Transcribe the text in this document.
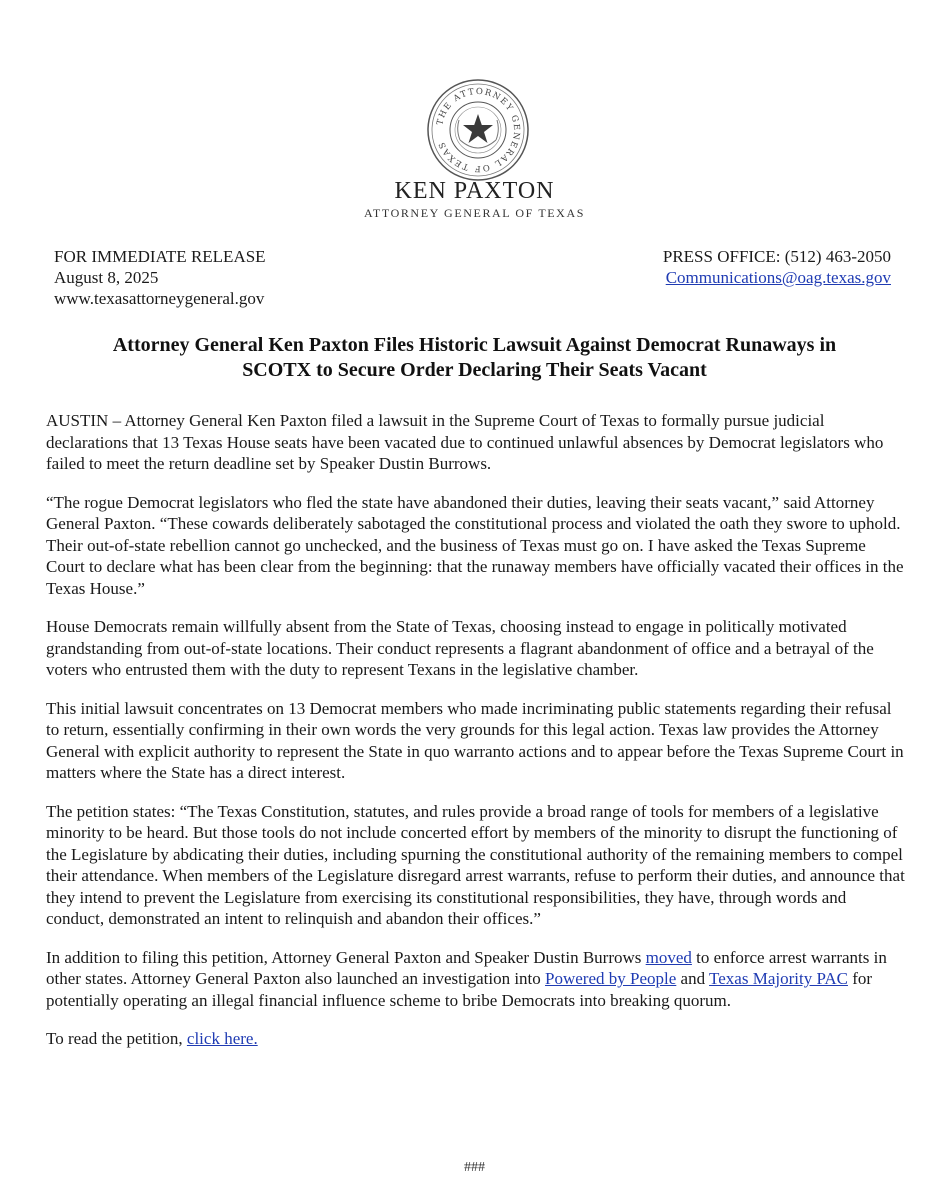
THE ATTORNEY GENERAL OF TEXAS
KEN PAXTON
ATTORNEY GENERAL OF TEXAS
FOR IMMEDIATE RELEASE
August 8, 2025
www.texasattorneygeneral.gov
PRESS OFFICE: (512) 463-2050
Communications@oag.texas.gov
Attorney General Ken Paxton Files Historic Lawsuit Against Democrat Runaways in
SCOTX to Secure Order Declaring Their Seats Vacant

AUSTIN – Attorney General Ken Paxton filed a lawsuit in the Supreme Court of Texas to formally pursue judicial declarations that 13 Texas House seats have been vacated due to continued unlawful absences by Democrat legislators who failed to meet the return deadline set by Speaker Dustin Burrows.

“The rogue Democrat legislators who fled the state have abandoned their duties, leaving their seats vacant,” said Attorney General Paxton. “These cowards deliberately sabotaged the constitutional process and violated the oath they swore to uphold. Their out-of-state rebellion cannot go unchecked, and the business of Texas must go on. I have asked the Texas Supreme Court to declare what has been clear from the beginning: that the runaway members have officially vacated their offices in the Texas House.”

House Democrats remain willfully absent from the State of Texas, choosing instead to engage in politically motivated grandstanding from out-of-state locations. Their conduct represents a flagrant abandonment of office and a betrayal of the voters who entrusted them with the duty to represent Texans in the legislative chamber.

This initial lawsuit concentrates on 13 Democrat members who made incriminating public statements regarding their refusal to return, essentially confirming in their own words the very grounds for this legal action. Texas law provides the Attorney General with explicit authority to represent the State in quo warranto actions and to appear before the Texas Supreme Court in matters where the State has a direct interest.

The petition states: “The Texas Constitution, statutes, and rules provide a broad range of tools for members of a legislative minority to be heard. But those tools do not include concerted effort by members of the minority to disrupt the functioning of the Legislature by abdicating their duties, including spurning the constitutional authority of the remaining members to compel their attendance. When members of the Legislature disregard arrest warrants, refuse to perform their duties, and announce that they intend to prevent the Legislature from exercising its constitutional responsibilities, they have, through words and conduct, demonstrated an intent to relinquish and abandon their offices.”

In addition to filing this petition, Attorney General Paxton and Speaker Dustin Burrows moved to enforce arrest warrants in other states. Attorney General Paxton also launched an investigation into Powered by People and Texas Majority PAC for potentially operating an illegal financial influence scheme to bribe Democrats into breaking quorum.

To read the petition, click here.

###
